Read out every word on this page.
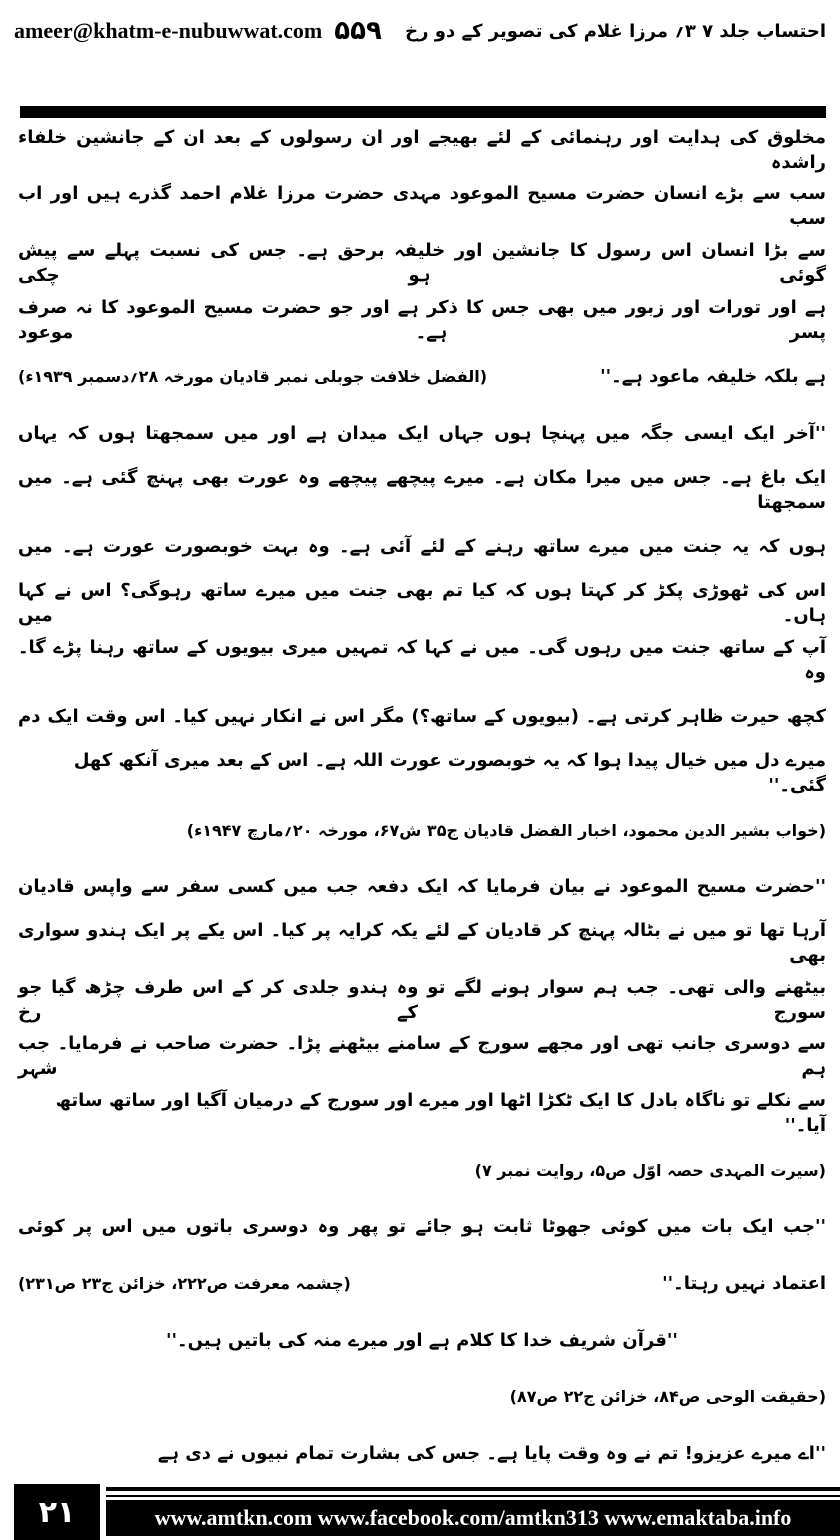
ameer@khatm-e-nubuwwat.com ۵۵۹ احتساب جلد ۷ ۳؍ مرزا غلام کی تصویر کے دو رخ
مخلوق کی ہدایت اور رہنمائی کے لئے بھیجے اور ان رسولوں کے بعد ان کے جانشین خلفاء راشدہ
سب سے بڑے انسان حضرت مسیح الموعود مہدی حضرت مرزا غلام احمد گذرے ہیں اور اب سب
سے بڑا انسان اس رسول کا جانشین اور خلیفہ برحق ہے۔ جس کی نسبت پہلے سے پیش گوئی ہو چکی
ہے اور تورات اور زبور میں بھی جس کا ذکر ہے اور جو حضرت مسیح الموعود کا نہ صرف پسر ہے۔ موعود
ہے بلکہ خلیفہ ماعود ہے۔''
(الفضل خلافت جوبلی نمبر قادیان مورخہ ۲۸؍دسمبر ۱۹۳۹ء)
''آخر ایک ایسی جگہ میں پہنچا ہوں جہاں ایک میدان ہے اور میں سمجھتا ہوں کہ یہاں
ایک باغ ہے۔ جس میں میرا مکان ہے۔ میرے پیچھے پیچھے وہ عورت بھی پہنچ گئی ہے۔ میں سمجھتا
ہوں کہ یہ جنت میں میرے ساتھ رہنے کے لئے آئی ہے۔ وہ بہت خوبصورت عورت ہے۔ میں
اس کی ٹھوڑی پکڑ کر کہتا ہوں کہ کیا تم بھی جنت میں میرے ساتھ رہوگی؟ اس نے کہا ہاں۔ میں
آپ کے ساتھ جنت میں رہوں گی۔ میں نے کہا کہ تمہیں میری بیویوں کے ساتھ رہنا پڑے گا۔ وہ
کچھ حیرت ظاہر کرتی ہے۔ (بیویوں کے ساتھ؟) مگر اس نے انکار نہیں کیا۔ اس وقت ایک دم
میرے دل میں خیال پیدا ہوا کہ یہ خوبصورت عورت اللہ ہے۔ اس کے بعد میری آنکھ کھل گئی۔''
(خواب بشیر الدین محمود، اخبار الفضل قادیان ج۳۵ ش۶۷، مورخہ ۲۰؍مارچ ۱۹۴۷ء)
''حضرت مسیح الموعود نے بیان فرمایا کہ ایک دفعہ جب میں کسی سفر سے واپس قادیان
آرہا تھا تو میں نے بٹالہ پہنچ کر قادیان کے لئے یکہ کرایہ پر کیا۔ اس یکے پر ایک ہندو سواری بھی
بیٹھنے والی تھی۔ جب ہم سوار ہونے لگے تو وہ ہندو جلدی کر کے اس طرف چڑھ گیا جو سورج کے رخ
سے دوسری جانب تھی اور مجھے سورج کے سامنے بیٹھنے پڑا۔ حضرت صاحب نے فرمایا۔ جب ہم شہر
سے نکلے تو ناگاہ بادل کا ایک ٹکڑا اٹھا اور میرے اور سورج کے درمیان آگیا اور ساتھ ساتھ آیا۔''
(سیرت المہدی حصہ اوّل ص۵، روایت نمبر ۷)
''جب ایک بات میں کوئی جھوٹا ثابت ہو جائے تو پھر وہ دوسری باتوں میں اس پر کوئی
اعتماد نہیں رہتا۔''
(چشمہ معرفت ص۲۲۲، خزائن ج۲۳ ص۲۳۱)
''قرآن شریف خدا کا کلام ہے اور میرے منہ کی باتیں ہیں۔''
(حقیقت الوحی ص۸۴، خزائن ج۲۲ ص۸۷)
''اے میرے عزیزو! تم نے وہ وقت پایا ہے۔ جس کی بشارت تمام نبیوں نے دی ہے
۲۱	www.amtkn.com www.facebook.com/amtkn313 www.emaktaba.info
